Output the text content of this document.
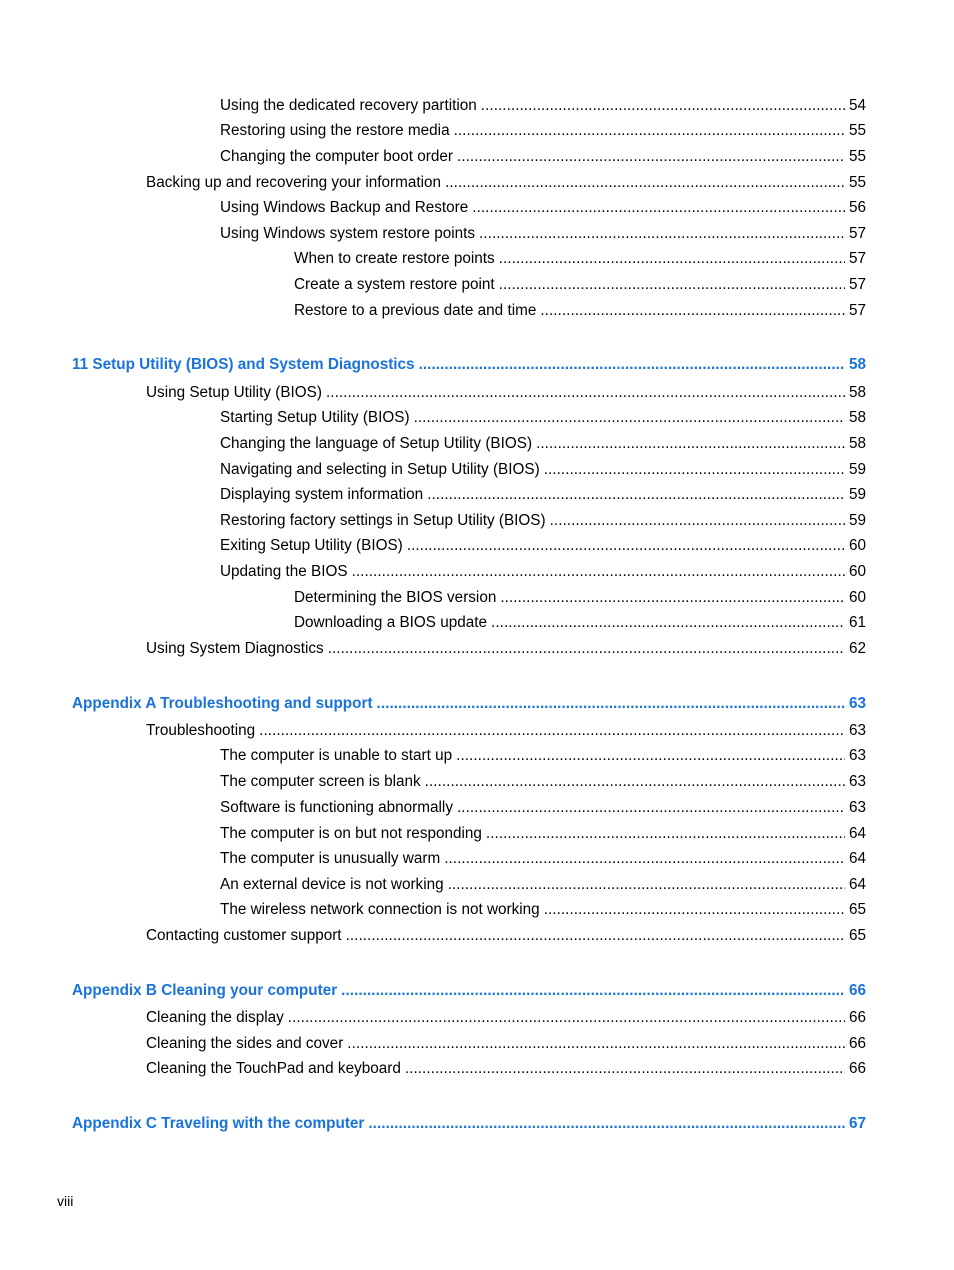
Using the dedicated recovery partition	54
Restoring using the restore media	55
Changing the computer boot order	55
Backing up and recovering your information	55
Using Windows Backup and Restore	56
Using Windows system restore points	57
When to create restore points	57
Create a system restore point	57
Restore to a previous date and time	57
11 Setup Utility (BIOS) and System Diagnostics	58
Using Setup Utility (BIOS)	58
Starting Setup Utility (BIOS)	58
Changing the language of Setup Utility (BIOS)	58
Navigating and selecting in Setup Utility (BIOS)	59
Displaying system information	59
Restoring factory settings in Setup Utility (BIOS)	59
Exiting Setup Utility (BIOS)	60
Updating the BIOS	60
Determining the BIOS version	60
Downloading a BIOS update	61
Using System Diagnostics	62
Appendix A Troubleshooting and support	63
Troubleshooting	63
The computer is unable to start up	63
The computer screen is blank	63
Software is functioning abnormally	63
The computer is on but not responding	64
The computer is unusually warm	64
An external device is not working	64
The wireless network connection is not working	65
Contacting customer support	65
Appendix B Cleaning your computer	66
Cleaning the display	66
Cleaning the sides and cover	66
Cleaning the TouchPad and keyboard	66
Appendix C Traveling with the computer	67
viii
